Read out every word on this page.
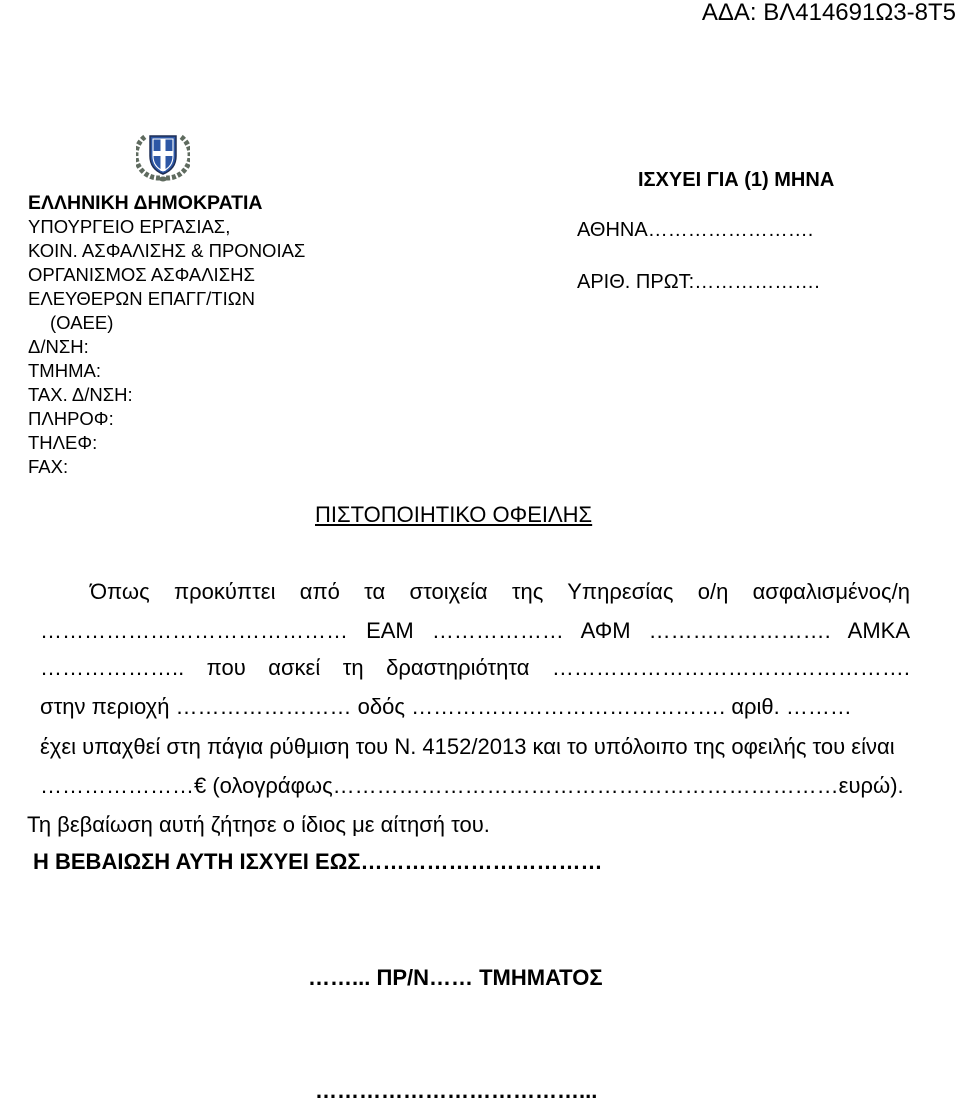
ΑΔΑ: ΒΛ414691Ω3-8Τ5
ΕΛΛΗΝΙΚΗ ΔΗΜΟΚΡΑΤΙΑ
ΥΠΟΥΡΓΕΙΟ ΕΡΓΑΣΙΑΣ,
ΚΟΙΝ. ΑΣΦΑΛΙΣΗΣ & ΠΡΟΝΟΙΑΣ
ΟΡΓΑΝΙΣΜΟΣ ΑΣΦΑΛΙΣΗΣ
ΕΛΕΥΘΕΡΩΝ ΕΠΑΓΓ/ΤΙΩΝ
(ΟΑΕΕ)
Δ/ΝΣΗ:
ΤΜΗΜΑ:
ΤΑΧ. Δ/ΝΣΗ:
ΠΛΗΡΟΦ:
ΤΗΛΕΦ:
FAX:
ΙΣΧΥΕΙ ΓΙΑ (1) ΜΗΝΑ
ΑΘΗΝΑ…………………….
ΑΡΙΘ. ΠΡΩΤ:……………….
ΠΙΣΤΟΠΟΙΗΤΙΚΟ ΟΦΕΙΛΗΣ
Όπως προκύπτει από τα στοιχεία της Υπηρεσίας ο/η ασφαλισμένος/η
…………………………………… ΕΑΜ ……………… ΑΦΜ ……………………. ΑΜΚΑ
……………….. που ασκεί τη δραστηριότητα ………………………………………….
στην περιοχή …………………… οδός ……………………………………. αριθ. ………
έχει υπαχθεί στη πάγια ρύθμιση του Ν. 4152/2013 και το υπόλοιπο της οφειλής του είναι
…………………€ (ολογράφως……………………………………………………………ευρώ).
Τη βεβαίωση αυτή ζήτησε ο ίδιος με αίτησή του.
Η ΒΕΒΑΙΩΣΗ ΑΥΤΗ ΙΣΧΥΕΙ ΕΩΣ……………………………
……... ΠΡ/Ν…… ΤΜΗΜΑΤΟΣ
………………………………...
